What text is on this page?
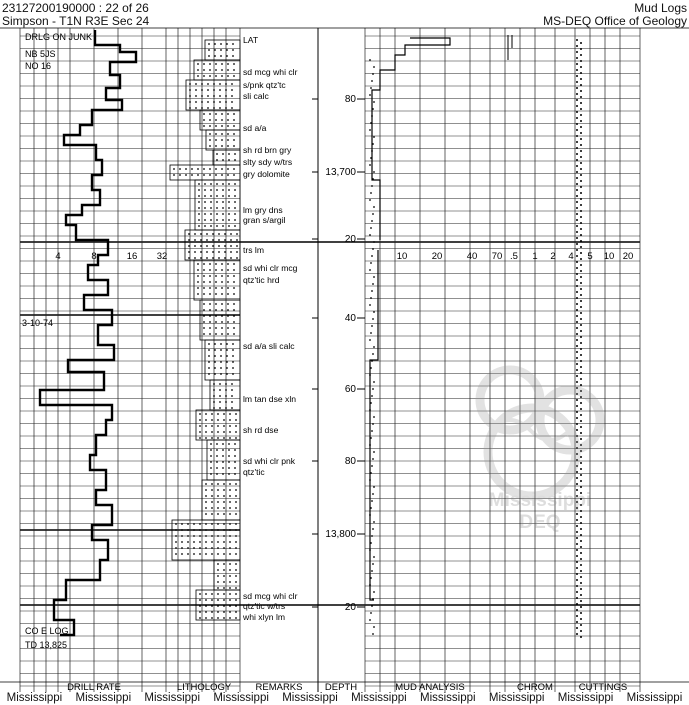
23127200190000 : 22 of 26
Simpson - T1N R3E Sec 24
Mud Logs
MS-DEQ Office of Geology
Mississippi
DEQ
DRLG ON JUNK
NB 5JS
NO 16
3-10-74
CO E LOG
TD 13,825
4	8	16 32	10	20	40 70 .5 1 2 4 5 10 20
80
13,700
20
40
60
80
13,800
20
LAT
sd mcg whi clr
s/pnk qtz'tc
sli calc
sd a/a
sh rd brn gry
slty sdy w/trs
gry dolomite
lm gry dns
gran s/argil
trs lm
sd whi clr mcg
qtz'tic hrd
sd a/a sli calc
lm tan dse xln
sh rd dse
sd whi clr pnk
qtz'tic
sd mcg whi clr
qtz'tic w/trs
whi xlyn lm
DRILL RATE	LITHOLOGY	REMARKS DEPTH	MUD ANALYSIS	CHROM	CUTTINGS
Mississippi Mississippi Mississippi Mississippi Mississippi Mississippi Mississippi Mississippi Mississippi Mississippi
